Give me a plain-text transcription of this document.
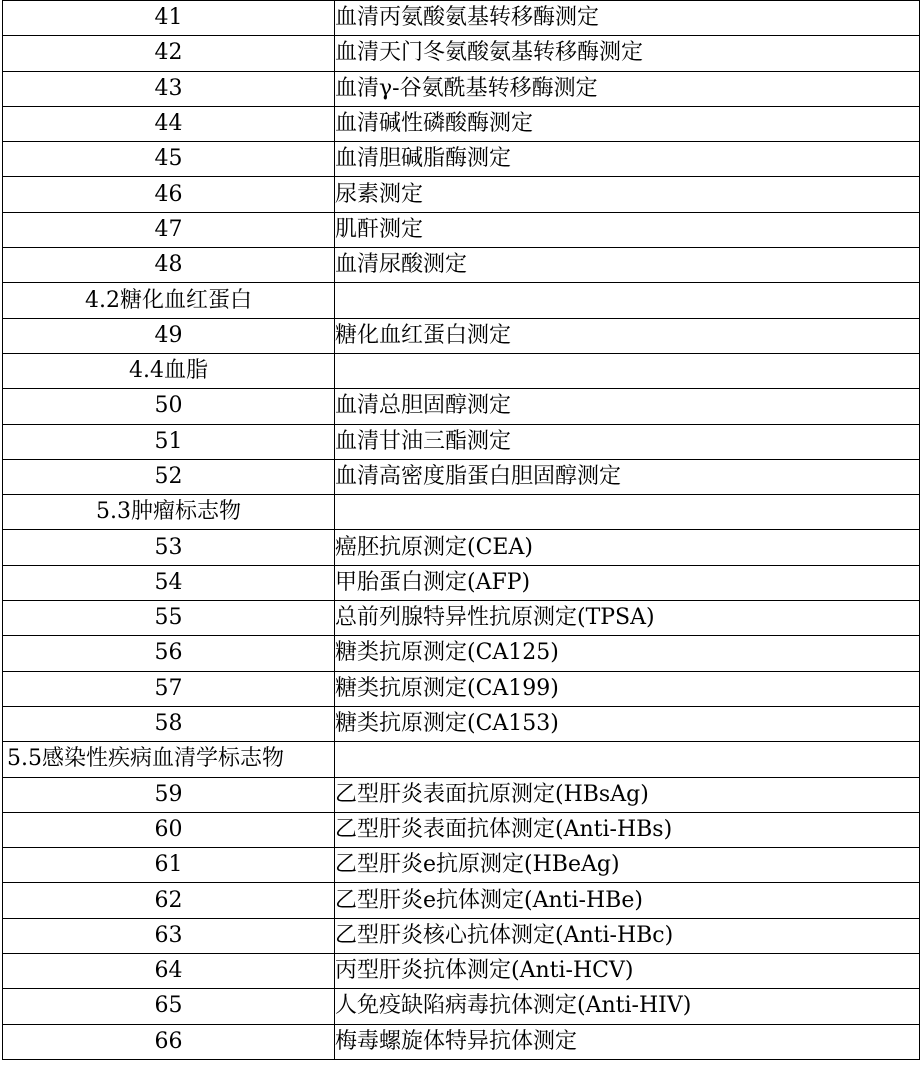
41	血清丙氨酸氨基转移酶测定
42	血清天门冬氨酸氨基转移酶测定
43	血清γ-谷氨酰基转移酶测定
44	血清碱性磷酸酶测定
45	血清胆碱脂酶测定
46	尿素测定
47	肌酐测定
48	血清尿酸测定
4.2糖化血红蛋白	
49	糖化血红蛋白测定
4.4血脂	
50	血清总胆固醇测定
51	血清甘油三酯测定
52	血清高密度脂蛋白胆固醇测定
5.3肿瘤标志物	
53	癌胚抗原测定(CEA)
54	甲胎蛋白测定(AFP)
55	总前列腺特异性抗原测定(TPSA)
56	糖类抗原测定(CA125)
57	糖类抗原测定(CA199)
58	糖类抗原测定(CA153)
5.5感染性疾病血清学标志物	
59	乙型肝炎表面抗原测定(HBsAg)
60	乙型肝炎表面抗体测定(Anti-HBs)
61	乙型肝炎e抗原测定(HBeAg)
62	乙型肝炎e抗体测定(Anti-HBe)
63	乙型肝炎核心抗体测定(Anti-HBc)
64	丙型肝炎抗体测定(Anti-HCV)
65	人免疫缺陷病毒抗体测定(Anti-HIV)
66	梅毒螺旋体特异抗体测定
